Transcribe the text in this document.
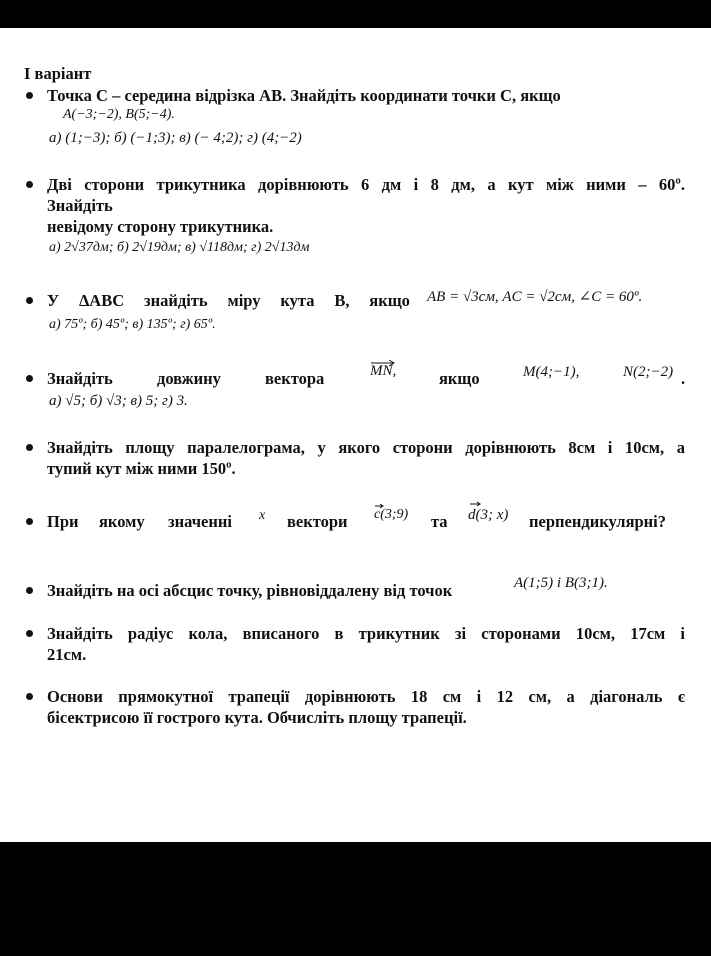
І варіант
Точка С – середина відрізка АВ. Знайдіть координати точки С, якщо
A(−3;−2), B(5;−4).
а) (1;−3); б) (−1;3); в) (− 4;2); г) (4;−2)
Дві сторони трикутника дорівнюють 6 дм і 8 дм, а кут між ними – 60º.
Знайдіть
невідому сторону трикутника.
а) 2√37дм; б) 2√19дм; в) √118дм; г) 2√13дм
У ΔABC знайдіть міру кута В, якщо AB = √3см, AC = √2см, ∠C = 60º.
а) 75º; б) 45º; в) 135º; г) 65º.
Знайдіть	довжину	вектора	MN,	якщо	M(4;−1),	N(2;−2) .
а) √5; б) √3; в) 5; г) 3.
Знайдіть площу паралелограма, у якого сторони дорівнюють 8см і 10см, а
тупий кут між ними 150º.
При якому значенні x вектори c(3;9) та d(3; x) перпендикулярні?
Знайдіть на осі абсцис точку, рівновіддалену від точок	A(1;5) і B(3;1).
Знайдіть радіус кола, вписаного в трикутник зі сторонами 10см, 17см і
21см.
Основи прямокутної трапеції дорівнюють 18 см і 12 см, а діагональ є
бісектрисою її гострого кута. Обчисліть площу трапеції.
